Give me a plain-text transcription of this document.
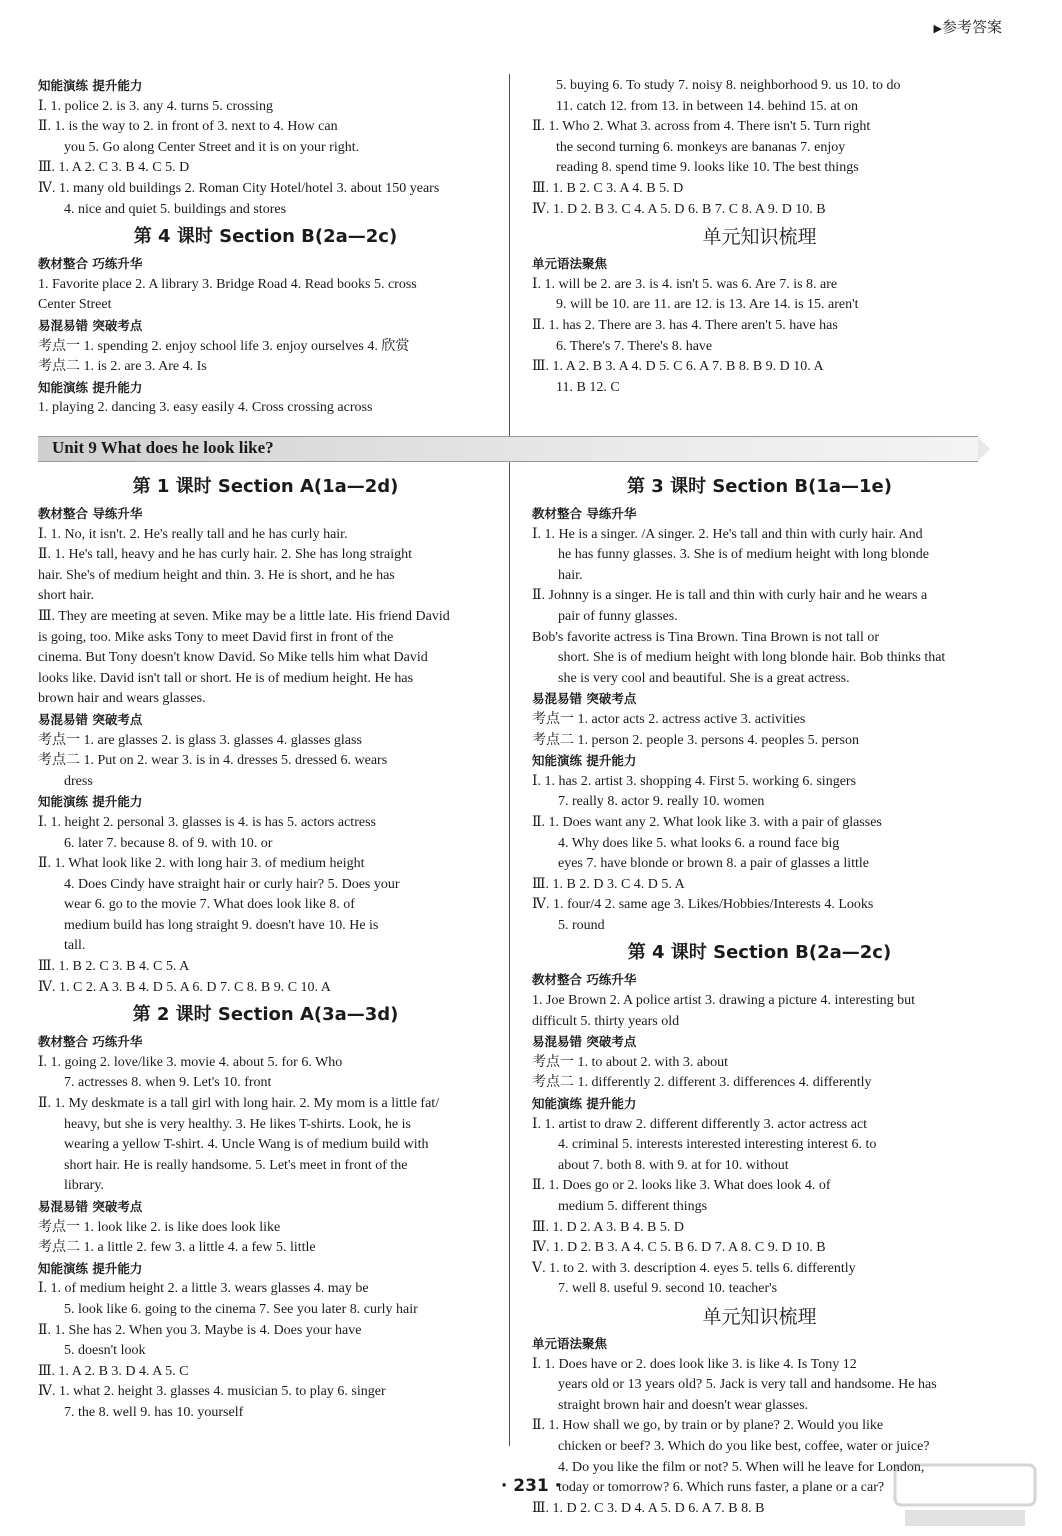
▶参考答案
知能演练 提升能力
Ⅰ. 1. police 2. is 3. any 4. turns 5. crossing
Ⅱ. 1. is the way to 2. in front of 3. next to 4. How can
you 5. Go along Center Street and it is on your right.
Ⅲ. 1. A 2. C 3. B 4. C 5. D
Ⅳ. 1. many old buildings 2. Roman City Hotel/hotel 3. about 150 years
4. nice and quiet 5. buildings and stores
第 4 课时 Section B(2a—2c)
教材整合 巧练升华
1. Favorite place 2. A library 3. Bridge Road 4. Read books 5. cross
Center Street
易混易错 突破考点
考点一 1. spending 2. enjoy school life 3. enjoy ourselves 4. 欣赏
考点二 1. is 2. are 3. Are 4. Is
知能演练 提升能力
1. playing 2. dancing 3. easy easily 4. Cross crossing across
5. buying 6. To study 7. noisy 8. neighborhood 9. us 10. to do
11. catch 12. from 13. in between 14. behind 15. at on
Ⅱ. 1. Who 2. What 3. across from 4. There isn't 5. Turn right
the second turning 6. monkeys are bananas 7. enjoy
reading 8. spend time 9. looks like 10. The best things
Ⅲ. 1. B 2. C 3. A 4. B 5. D
Ⅳ. 1. D 2. B 3. C 4. A 5. D 6. B 7. C 8. A 9. D 10. B
单元知识梳理
单元语法聚焦
Ⅰ. 1. will be 2. are 3. is 4. isn't 5. was 6. Are 7. is 8. are
9. will be 10. are 11. are 12. is 13. Are 14. is 15. aren't
Ⅱ. 1. has 2. There are 3. has 4. There aren't 5. have has
6. There's 7. There's 8. have
Ⅲ. 1. A 2. B 3. A 4. D 5. C 6. A 7. B 8. B 9. D 10. A
11. B 12. C
Unit 9 What does he look like?
第 1 课时 Section A(1a—2d)
教材整合 导练升华
Ⅰ. 1. No, it isn't. 2. He's really tall and he has curly hair.
Ⅱ. 1. He's tall, heavy and he has curly hair. 2. She has long straight
hair. She's of medium height and thin. 3. He is short, and he has
short hair.
Ⅲ. They are meeting at seven. Mike may be a little late. His friend David
is going, too. Mike asks Tony to meet David first in front of the
cinema. But Tony doesn't know David. So Mike tells him what David
looks like. David isn't tall or short. He is of medium height. He has
brown hair and wears glasses.
易混易错 突破考点
考点一 1. are glasses 2. is glass 3. glasses 4. glasses glass
考点二 1. Put on 2. wear 3. is in 4. dresses 5. dressed 6. wears
dress
知能演练 提升能力
Ⅰ. 1. height 2. personal 3. glasses is 4. is has 5. actors actress
6. later 7. because 8. of 9. with 10. or
Ⅱ. 1. What look like 2. with long hair 3. of medium height
4. Does Cindy have straight hair or curly hair? 5. Does your
wear 6. go to the movie 7. What does look like 8. of
medium build has long straight 9. doesn't have 10. He is
tall.
Ⅲ. 1. B 2. C 3. B 4. C 5. A
Ⅳ. 1. C 2. A 3. B 4. D 5. A 6. D 7. C 8. B 9. C 10. A
第 2 课时 Section A(3a—3d)
教材整合 巧练升华
Ⅰ. 1. going 2. love/like 3. movie 4. about 5. for 6. Who
7. actresses 8. when 9. Let's 10. front
Ⅱ. 1. My deskmate is a tall girl with long hair. 2. My mom is a little fat/
heavy, but she is very healthy. 3. He likes T-shirts. Look, he is
wearing a yellow T-shirt. 4. Uncle Wang is of medium build with
short hair. He is really handsome. 5. Let's meet in front of the
library.
易混易错 突破考点
考点一 1. look like 2. is like does look like
考点二 1. a little 2. few 3. a little 4. a few 5. little
知能演练 提升能力
Ⅰ. 1. of medium height 2. a little 3. wears glasses 4. may be
5. look like 6. going to the cinema 7. See you later 8. curly hair
Ⅱ. 1. She has 2. When you 3. Maybe is 4. Does your have
5. doesn't look
Ⅲ. 1. A 2. B 3. D 4. A 5. C
Ⅳ. 1. what 2. height 3. glasses 4. musician 5. to play 6. singer
7. the 8. well 9. has 10. yourself
第 3 课时 Section B(1a—1e)
教材整合 导练升华
Ⅰ. 1. He is a singer. /A singer. 2. He's tall and thin with curly hair. And
he has funny glasses. 3. She is of medium height with long blonde
hair.
Ⅱ. Johnny is a singer. He is tall and thin with curly hair and he wears a
pair of funny glasses.
Bob's favorite actress is Tina Brown. Tina Brown is not tall or
short. She is of medium height with long blonde hair. Bob thinks that
she is very cool and beautiful. She is a great actress.
易混易错 突破考点
考点一 1. actor acts 2. actress active 3. activities
考点二 1. person 2. people 3. persons 4. peoples 5. person
知能演练 提升能力
Ⅰ. 1. has 2. artist 3. shopping 4. First 5. working 6. singers
7. really 8. actor 9. really 10. women
Ⅱ. 1. Does want any 2. What look like 3. with a pair of glasses
4. Why does like 5. what looks 6. a round face big
eyes 7. have blonde or brown 8. a pair of glasses a little
Ⅲ. 1. B 2. D 3. C 4. D 5. A
Ⅳ. 1. four/4 2. same age 3. Likes/Hobbies/Interests 4. Looks
5. round
第 4 课时 Section B(2a—2c)
教材整合 巧练升华
1. Joe Brown 2. A police artist 3. drawing a picture 4. interesting but
difficult 5. thirty years old
易混易错 突破考点
考点一 1. to about 2. with 3. about
考点二 1. differently 2. different 3. differences 4. differently
知能演练 提升能力
Ⅰ. 1. artist to draw 2. different differently 3. actor actress act
4. criminal 5. interests interested interesting interest 6. to
about 7. both 8. with 9. at for 10. without
Ⅱ. 1. Does go or 2. looks like 3. What does look 4. of
medium 5. different things
Ⅲ. 1. D 2. A 3. B 4. B 5. D
Ⅳ. 1. D 2. B 3. A 4. C 5. B 6. D 7. A 8. C 9. D 10. B
Ⅴ. 1. to 2. with 3. description 4. eyes 5. tells 6. differently
7. well 8. useful 9. second 10. teacher's
单元知识梳理
单元语法聚焦
Ⅰ. 1. Does have or 2. does look like 3. is like 4. Is Tony 12
years old or 13 years old? 5. Jack is very tall and handsome. He has
straight brown hair and doesn't wear glasses.
Ⅱ. 1. How shall we go, by train or by plane? 2. Would you like
chicken or beef? 3. Which do you like best, coffee, water or juice?
4. Do you like the film or not? 5. When will he leave for London,
today or tomorrow? 6. Which runs faster, a plane or a car?
Ⅲ. 1. D 2. C 3. D 4. A 5. D 6. A 7. B 8. B
· 231 ·
